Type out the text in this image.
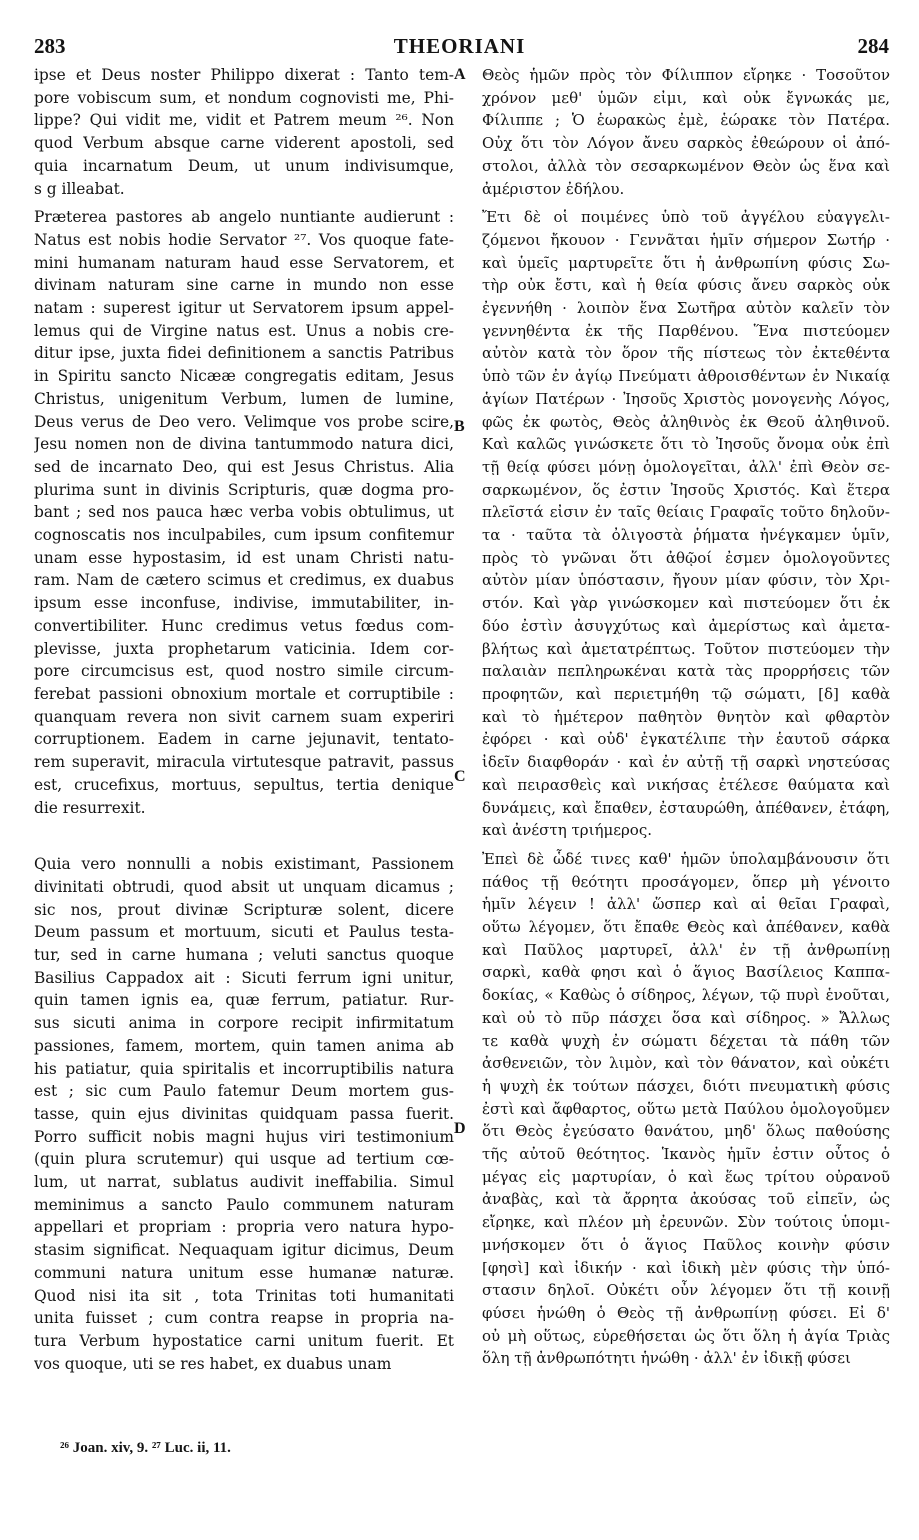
283	THEORIANI	284
A
B
C
D
ipse et Deus noster Philippo dixerat : Tanto tem-
pore vobiscum sum, et nondum cognovisti me, Phi-
lippe? Qui vidit me, vidit et Patrem meum ²⁶. Non
quod Verbum absque carne viderent apostoli, sed
quia incarnatum Deum, ut unum indivisumque,
s g illeabat.
Præterea pastores ab angelo nuntiante audierunt :
Natus est nobis hodie Servator ²⁷. Vos quoque fate-
mini humanam naturam haud esse Servatorem, et
divinam naturam sine carne in mundo non esse
natam : superest igitur ut Servatorem ipsum appel-
lemus qui de Virgine natus est. Unus a nobis cre-
ditur ipse, juxta fidei definitionem a sanctis Patribus
in Spiritu sancto Nicææ congregatis editam, Jesus
Christus, unigenitum Verbum, lumen de lumine,
Deus verus de Deo vero. Velimque vos probe scire,
Jesu nomen non de divina tantummodo natura dici,
sed de incarnato Deo, qui est Jesus Christus. Alia
plurima sunt in divinis Scripturis, quæ dogma pro-
bant ; sed nos pauca hæc verba vobis obtulimus, ut
cognoscatis nos inculpabiles, cum ipsum confitemur
unam esse hypostasim, id est unam Christi natu-
ram. Nam de cætero scimus et credimus, ex duabus
ipsum esse inconfuse, indivise, immutabiliter, in-
convertibiliter. Hunc credimus vetus fœdus com-
plevisse, juxta prophetarum vaticinia. Idem cor-
pore circumcisus est, quod nostro simile circum-
ferebat passioni obnoxium mortale et corruptibile :
quanquam revera non sivit carnem suam experiri
corruptionem. Eadem in carne jejunavit, tentato-
rem superavit, miracula virtutesque patravit, passus
est, crucefixus, mortuus, sepultus, tertia denique
die resurrexit.
Quia vero nonnulli a nobis existimant, Passionem
divinitati obtrudi, quod absit ut unquam dicamus ;
sic nos, prout divinæ Scripturæ solent, dicere
Deum passum et mortuum, sicuti et Paulus testa-
tur, sed in carne humana ; veluti sanctus quoque
Basilius Cappadox ait : Sicuti ferrum igni unitur,
quin tamen ignis ea, quæ ferrum, patiatur. Rur-
sus sicuti anima in corpore recipit infirmitatum
passiones, famem, mortem, quin tamen anima ab
his patiatur, quia spiritalis et incorruptibilis natura
est ; sic cum Paulo fatemur Deum mortem gus-
tasse, quin ejus divinitas quidquam passa fuerit.
Porro sufficit nobis magni hujus viri testimonium
(quin plura scrutemur) qui usque ad tertium cœ-
lum, ut narrat, sublatus audivit ineffabilia. Simul
meminimus a sancto Paulo communem naturam
appellari et propriam : propria vero natura hypo-
stasim significat. Nequaquam igitur dicimus, Deum
communi natura unitum esse humanæ naturæ.
Quod nisi ita sit , tota Trinitas toti humanitati
unita fuisset ; cum contra reapse in propria na-
tura Verbum hypostatice carni unitum fuerit. Et
vos quoque, uti se res habet, ex duabus unam
Θεὸς ἡμῶν πρὸς τὸν Φίλιππον εἴρηκε · Τοσοῦτον
χρόνον μεθ' ὑμῶν εἰμι, καὶ οὐκ ἔγνωκάς με,
Φίλιππε ; Ὁ ἑωρακὼς ἐμὲ, ἑώρακε τὸν Πατέρα.
Οὐχ ὅτι τὸν Λόγον ἄνευ σαρκὸς ἐθεώρουν οἱ ἀπό-
στολοι, ἀλλὰ τὸν σεσαρκωμένον Θεὸν ὡς ἕνα καὶ
ἀμέριστον ἐδήλου.
Ἔτι δὲ οἱ ποιμένες ὑπὸ τοῦ ἀγγέλου εὐαγγελι-
ζόμενοι ἤκουον · Γεννᾶται ἡμῖν σήμερον Σωτήρ ·
καὶ ὑμεῖς μαρτυρεῖτε ὅτι ἡ ἀνθρωπίνη φύσις Σω-
τὴρ οὐκ ἔστι, καὶ ἡ θεία φύσις ἄνευ σαρκὸς οὐκ
ἐγεννήθη · λοιπὸν ἕνα Σωτῆρα αὐτὸν καλεῖν τὸν
γεννηθέντα ἐκ τῆς Παρθένου. Ἕνα πιστεύομεν
αὐτὸν κατὰ τὸν ὅρον τῆς πίστεως τὸν ἐκτεθέντα
ὑπὸ τῶν ἐν ἁγίῳ Πνεύματι ἀθροισθέντων ἐν Νικαίᾳ
ἁγίων Πατέρων · Ἰησοῦς Χριστὸς μονογενὴς Λόγος,
φῶς ἐκ φωτὸς, Θεὸς ἀληθινὸς ἐκ Θεοῦ ἀληθινοῦ.
Καὶ καλῶς γινώσκετε ὅτι τὸ Ἰησοῦς ὄνομα οὐκ ἐπὶ
τῇ θείᾳ φύσει μόνῃ ὁμολογεῖται, ἀλλ' ἐπὶ Θεὸν σε-
σαρκωμένον, ὅς ἐστιν Ἰησοῦς Χριστός. Καὶ ἕτερα
πλεῖστά εἰσιν ἐν ταῖς θείαις Γραφαῖς τοῦτο δηλοῦν-
τα · ταῦτα τὰ ὀλιγοστὰ ῥήματα ἠνέγκαμεν ὑμῖν,
πρὸς τὸ γνῶναι ὅτι ἀθῷοί ἐσμεν ὁμολογοῦντες
αὐτὸν μίαν ὑπόστασιν, ἤγουν μίαν φύσιν, τὸν Χρι-
στόν. Καὶ γὰρ γινώσκομεν καὶ πιστεύομεν ὅτι ἐκ
δύο ἐστὶν ἀσυγχύτως καὶ ἀμερίστως καὶ ἀμετα-
βλήτως καὶ ἀμετατρέπτως. Τοῦτον πιστεύομεν τὴν
παλαιὰν πεπληρωκέναι κατὰ τὰς προρρήσεις τῶν
προφητῶν, καὶ περιετμήθη τῷ σώματι, [δ] καθὰ
καὶ τὸ ἡμέτερον παθητὸν θνητὸν καὶ φθαρτὸν
ἐφόρει · καὶ οὐδ' ἐγκατέλιπε τὴν ἑαυτοῦ σάρκα
ἰδεῖν διαφθοράν · καὶ ἐν αὐτῇ τῇ σαρκὶ νηστεύσας
καὶ πειρασθεὶς καὶ νικήσας ἐτέλεσε θαύματα καὶ
δυνάμεις, καὶ ἔπαθεν, ἐσταυρώθη, ἀπέθανεν, ἐτάφη,
καὶ ἀνέστη τριήμερος.
Ἐπεὶ δὲ ὧδέ τινες καθ' ἡμῶν ὑπολαμβάνουσιν ὅτι
πάθος τῇ θεότητι προσάγομεν, ὅπερ μὴ γένοιτο
ἡμῖν λέγειν ! ἀλλ' ὥσπερ καὶ αἱ θεῖαι Γραφαὶ,
οὕτω λέγομεν, ὅτι ἔπαθε Θεὸς καὶ ἀπέθανεν, καθὰ
καὶ Παῦλος μαρτυρεῖ, ἀλλ' ἐν τῇ ἀνθρωπίνῃ
σαρκὶ, καθὰ φησι καὶ ὁ ἅγιος Βασίλειος Καππα-
δοκίας, « Καθὼς ὁ σίδηρος, λέγων, τῷ πυρὶ ἑνοῦται,
καὶ οὐ τὸ πῦρ πάσχει ὅσα καὶ σίδηρος. » Ἄλλως
τε καθὰ ψυχὴ ἐν σώματι δέχεται τὰ πάθη τῶν
ἀσθενειῶν, τὸν λιμὸν, καὶ τὸν θάνατον, καὶ οὐκέτι
ἡ ψυχὴ ἐκ τούτων πάσχει, διότι πνευματικὴ φύσις
ἐστὶ καὶ ἄφθαρτος, οὕτω μετὰ Παύλου ὁμολογοῦμεν
ὅτι Θεὸς ἐγεύσατο θανάτου, μηδ' ὅλως παθούσης
τῆς αὐτοῦ θεότητος. Ἱκανὸς ἡμῖν ἐστιν οὗτος ὁ
μέγας εἰς μαρτυρίαν, ὁ καὶ ἕως τρίτου οὐρανοῦ
ἀναβὰς, καὶ τὰ ἄρρητα ἀκούσας τοῦ εἰπεῖν, ὡς
εἴρηκε, καὶ πλέον μὴ ἐρευνῶν. Σὺν τούτοις ὑπομι-
μνήσκομεν ὅτι ὁ ἅγιος Παῦλος κοινὴν φύσιν
[φησὶ] καὶ ἰδικήν · καὶ ἰδικὴ μὲν φύσις τὴν ὑπό-
στασιν δηλοῖ. Οὐκέτι οὖν λέγομεν ὅτι τῇ κοινῇ
φύσει ἡνώθη ὁ Θεὸς τῇ ἀνθρωπίνῃ φύσει. Εἰ δ'
οὐ μὴ οὕτως, εὑρεθήσεται ὡς ὅτι ὅλη ἡ ἁγία Τριὰς
ὅλη τῇ ἀνθρωπότητι ἡνώθη · ἀλλ' ἐν ἰδικῇ φύσει
²⁶ Joan. xiv, 9. ²⁷ Luc. ii, 11.
